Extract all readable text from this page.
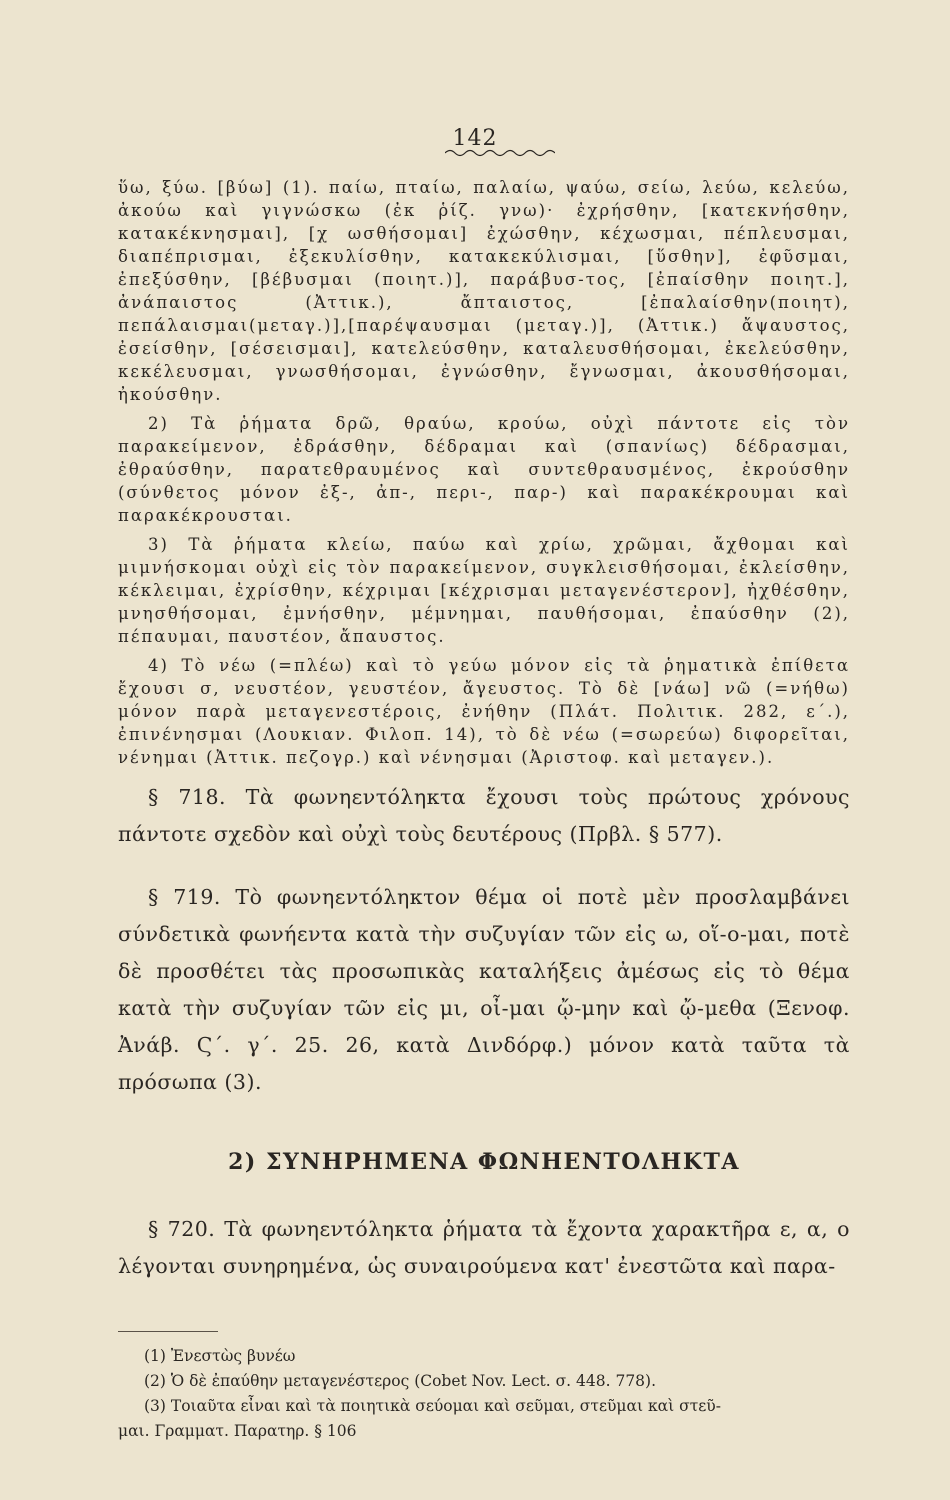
142

ὕω, ξύω. [βύω] (1). παίω, πταίω, παλαίω, ψαύω, σείω, λεύω, κελεύω, ἀκούω καὶ γιγνώσκω (ἐκ ῥίζ. γνω)· ἐχρήσθην, [κατεκνήσθην, κατακέκνησμαι], [χ ωσθήσομαι] ἐχώσθην, κέχωσμαι, πέπλευσμαι, διαπέπρισμαι, ἐξεκυλίσθην, κατακεκύλισμαι, [ὕσθην], ἐφῦσμαι, ἐπεξύσθην, [βέβυσμαι (ποιητ.)], παράβυσ-τος, [ἐπαίσθην ποιητ.], ἀνάπαιστος (Ἀττικ.), ἄπταιστος, [ἐπαλαίσθην(ποιητ), πεπάλαισμαι(μεταγ.)],[παρέψαυσμαι (μεταγ.)], (Ἀττικ.) ἄψαυστος, ἐσείσθην, [σέσεισμαι], κατελεύσθην, καταλευσθήσομαι, ἐκελεύσθην, κεκέλευσμαι, γνωσθήσομαι, ἐγνώσθην, ἔγνωσμαι, ἀκουσθήσομαι, ἠκούσθην.

2) Τὰ ῥήματα δρῶ, θραύω, κρούω, οὐχὶ πάντοτε εἰς τὸν παρακείμενον, ἐδράσθην, δέδραμαι καὶ (σπανίως) δέδρασμαι, ἐθραύσθην, παρατεθραυμένος καὶ συντεθραυσμένος, ἐκρούσθην (σύνθετος μόνον ἐξ-, ἀπ-, περι-, παρ-) καὶ παρακέκρουμαι καὶ παρακέκρουσται.

3) Τὰ ῥήματα κλείω, παύω καὶ χρίω, χρῶμαι, ἄχθομαι καὶ μιμνήσκομαι οὐχὶ εἰς τὸν παρακείμενον, συγκλεισθήσομαι, ἐκλείσθην, κέκλειμαι, ἐχρίσθην, κέχριμαι [κέχρισμαι μεταγενέστερον], ἠχθέσθην, μνησθήσομαι, ἐμνήσθην, μέμνημαι, παυθήσομαι, ἐπαύσθην (2), πέπαυμαι, παυστέον, ἄπαυστος.

4) Τὸ νέω (=πλέω) καὶ τὸ γεύω μόνον εἰς τὰ ῥηματικὰ ἐπίθετα ἔχουσι σ, νευστέον, γευστέον, ἄγευστος. Τὸ δὲ [νάω] νῶ (=νήθω) μόνον παρὰ μεταγενεστέροις, ἐνήθην (Πλάτ. Πολιτικ. 282, ε΄.), ἐπινένησμαι (Λουκιαν. Φιλοπ. 14), τὸ δὲ νέω (=σωρεύω) διφορεῖται, νένημαι (Ἀττικ. πεζογρ.) καὶ νένησμαι (Ἀριστοφ. καὶ μεταγεν.).

§ 718. Τὰ φωνηεντόληκτα ἔχουσι τοὺς πρώτους χρόνους πάντοτε σχεδὸν καὶ οὐχὶ τοὺς δευτέρους (Πρβλ. § 577).

§ 719. Τὸ φωνηεντόληκτον θέμα οἱ ποτὲ μὲν προσλαμβάνει σύνδετικὰ φωνήεντα κατὰ τὴν συζυγίαν τῶν εἰς ω, οἵ-ο-μαι, ποτὲ δὲ προσθέτει τὰς προσωπικὰς καταλήξεις ἀμέσως εἰς τὸ θέμα κατὰ τὴν συζυγίαν τῶν εἰς μι, οἶ-μαι ᾤ-μην καὶ ᾤ-μεθα (Ξενοφ. Ἀνάβ. Ϛ΄. γ΄. 25. 26, κατὰ Δινδόρφ.) μόνον κατὰ ταῦτα τὰ πρόσωπα (3).

2) ΣΥΝΗΡΗΜΕΝΑ ΦΩΝΗΕΝΤΟΛΗΚΤΑ

§ 720. Τὰ φωνηεντόληκτα ῥήματα τὰ ἔχοντα χαρακτῆρα ε, α, ο λέγονται συνηρημένα, ὡς συναιρούμενα κατ' ἐνεστῶτα καὶ παρα-

(1) Ἐνεστὼς βυνέω

(2) Ὁ δὲ ἐπαύθην μεταγενέστερος (Cobet Nov. Lect. σ. 448. 778).

(3) Τοιαῦτα εἶναι καὶ τὰ ποιητικὰ σεύομαι καὶ σεῦμαι, στεῦμαι καὶ στεῦ-

μαι. Γραμματ. Παρατηρ. § 106
